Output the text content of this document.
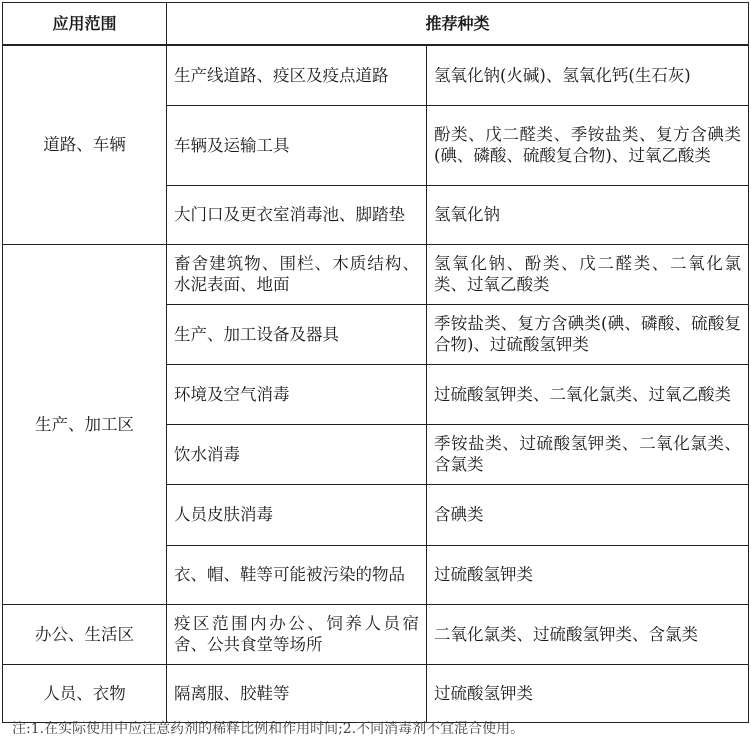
应用范围	推荐种类	
道路、车辆	生产线道路、疫区及疫点道路	氢氧化钠(火碱)、氢氧化钙(生石灰)
	车辆及运输工具	酚类、戊二醛类、季铵盐类、复方含碘类(碘、磷酸、硫酸复合物)、过氧乙酸类
	大门口及更衣室消毒池、脚踏垫	氢氧化钠
生产、加工区	畜舍建筑物、围栏、木质结构、水泥表面、地面	氢氧化钠、酚类、戊二醛类、二氧化氯类、过氧乙酸类
	生产、加工设备及器具	季铵盐类、复方含碘类(碘、磷酸、硫酸复合物)、过硫酸氢钾类
	环境及空气消毒	过硫酸氢钾类、二氧化氯类、过氧乙酸类
	饮水消毒	季铵盐类、过硫酸氢钾类、二氧化氯类、含氯类
	人员皮肤消毒	含碘类
	衣、帽、鞋等可能被污染的物品	过硫酸氢钾类
办公、生活区	疫区范围内办公、饲养人员宿舍、公共食堂等场所	二氧化氯类、过硫酸氢钾类、含氯类
人员、衣物	隔离服、胶鞋等	过硫酸氢钾类
注:1.在实际使用中应注意药剂的稀释比例和作用时间;2.不同消毒剂不宜混合使用。
